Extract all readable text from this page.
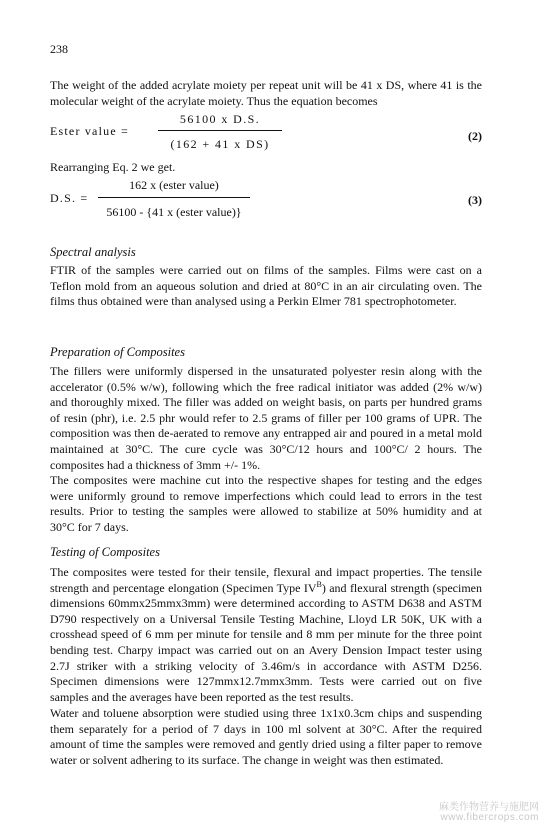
238

The weight of the added acrylate moiety per repeat unit will be 41 x DS, where 41 is the molecular weight of the acrylate moiety. Thus the equation becomes

Ester value =
56100 x D.S.
(162 + 41 x DS)
(2)

Rearranging Eq. 2 we get.

D.S. =
162 x (ester value)
56100 - {41 x (ester value)}
(3)

Spectral analysis

FTIR of the samples were carried out on films of the samples. Films were cast on a Teflon mold from an aqueous solution and dried at 80°C in an air circulating oven. The films thus obtained were than analysed using a Perkin Elmer 781 spectrophotometer.

Preparation of Composites

The fillers were uniformly dispersed in the unsaturated polyester resin along with the accelerator (0.5% w/w), following which the free radical initiator was added (2% w/w) and thoroughly mixed. The filler was added on weight basis, on parts per hundred grams of resin (phr), i.e. 2.5 phr would refer to 2.5 grams of filler per 100 grams of UPR. The composition was then de-aerated to remove any entrapped air and poured in a metal mold maintained at 30°C. The cure cycle was 30°C/12 hours and 100°C/ 2 hours. The composites had a thickness of 3mm +/- 1%.

The composites were machine cut into the respective shapes for testing and the edges were uniformly ground to remove imperfections which could lead to errors in the test results. Prior to testing the samples were allowed to stabilize at 50% humidity and at 30°C for 7 days.

Testing of Composites

The composites were tested for their tensile, flexural and impact properties. The tensile strength and percentage elongation (Specimen Type $IV^B$) and flexural strength (specimen dimensions 60mmx25mmx3mm) were determined according to ASTM D638 and ASTM D790 respectively on a Universal Tensile Testing Machine, Lloyd LR 50K, UK with a crosshead speed of 6 mm per minute for tensile and 8 mm per minute for the three point bending test. Charpy impact was carried out on an Avery Dension Impact tester using 2.7J striker with a striking velocity of 3.46m/s in accordance with ASTM D256. Specimen dimensions were 127mmx12.7mmx3mm. Tests were carried out on five samples and the averages have been reported as the test results.

Water and toluene absorption were studied using three 1x1x0.3cm chips and suspending them separately for a period of 7 days in 100 ml solvent at 30°C. After the required amount of time the samples were removed and gently dried using a filter paper to remove water or solvent adhering to its surface. The change in weight was then estimated.

麻类作物营养与施肥网
www.fibercrops.com
